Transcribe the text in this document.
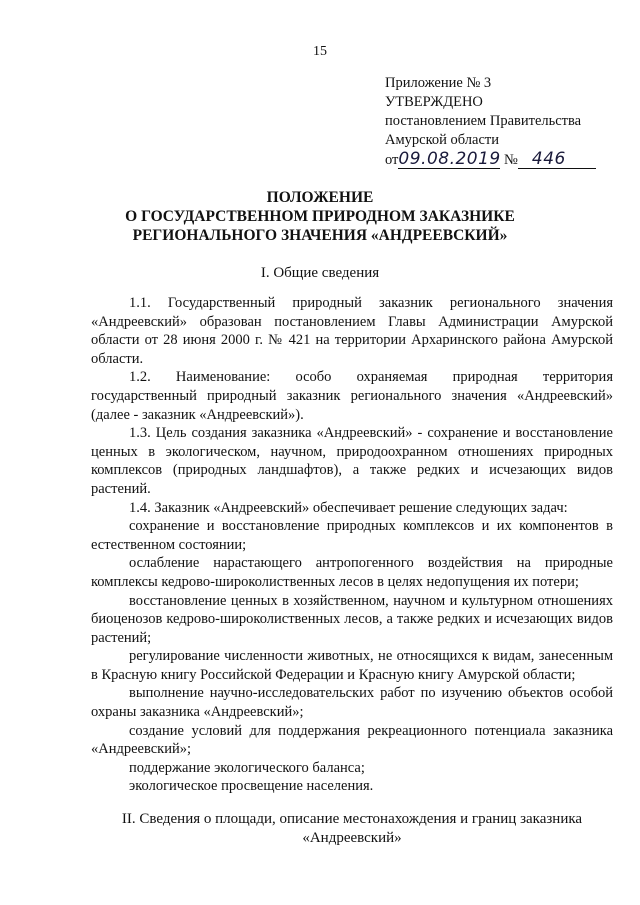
15
Приложение № 3
УТВЕРЖДЕНО
постановлением Правительства
Амурской области
от09.08.2019 № 446
ПОЛОЖЕНИЕ
О ГОСУДАРСТВЕННОМ ПРИРОДНОМ ЗАКАЗНИКЕ
РЕГИОНАЛЬНОГО ЗНАЧЕНИЯ «АНДРЕЕВСКИЙ»
I. Общие сведения

1.1. Государственный природный заказник регионального значения «Андреевский» образован постановлением Главы Администрации Амурской области от 28 июня 2000 г. № 421 на территории Архаринского района Амурской области.

1.2. Наименование: особо охраняемая природная территория государственный природный заказник регионального значения «Андреевский» (далее - заказник «Андреевский»).

1.3. Цель создания заказника «Андреевский» - сохранение и восстановление ценных в экологическом, научном, природоохранном отношениях природных комплексов (природных ландшафтов), а также редких и исчезающих видов растений.

1.4. Заказник «Андреевский» обеспечивает решение следующих задач:

сохранение и восстановление природных комплексов и их компонентов в естественном состоянии;

ослабление нарастающего антропогенного воздействия на природные комплексы кедрово-широколиственных лесов в целях недопущения их потери;

восстановление ценных в хозяйственном, научном и культурном отношениях биоценозов кедрово-широколиственных лесов, а также редких и исчезающих видов растений;

регулирование численности животных, не относящихся к видам, занесенным в Красную книгу Российской Федерации и Красную книгу Амурской области;

выполнение научно-исследовательских работ по изучению объектов особой охраны заказника «Андреевский»;

создание условий для поддержания рекреационного потенциала заказника «Андреевский»;

поддержание экологического баланса;

экологическое просвещение населения.

II. Сведения о площади, описание местонахождения и границ заказника
«Андреевский»
